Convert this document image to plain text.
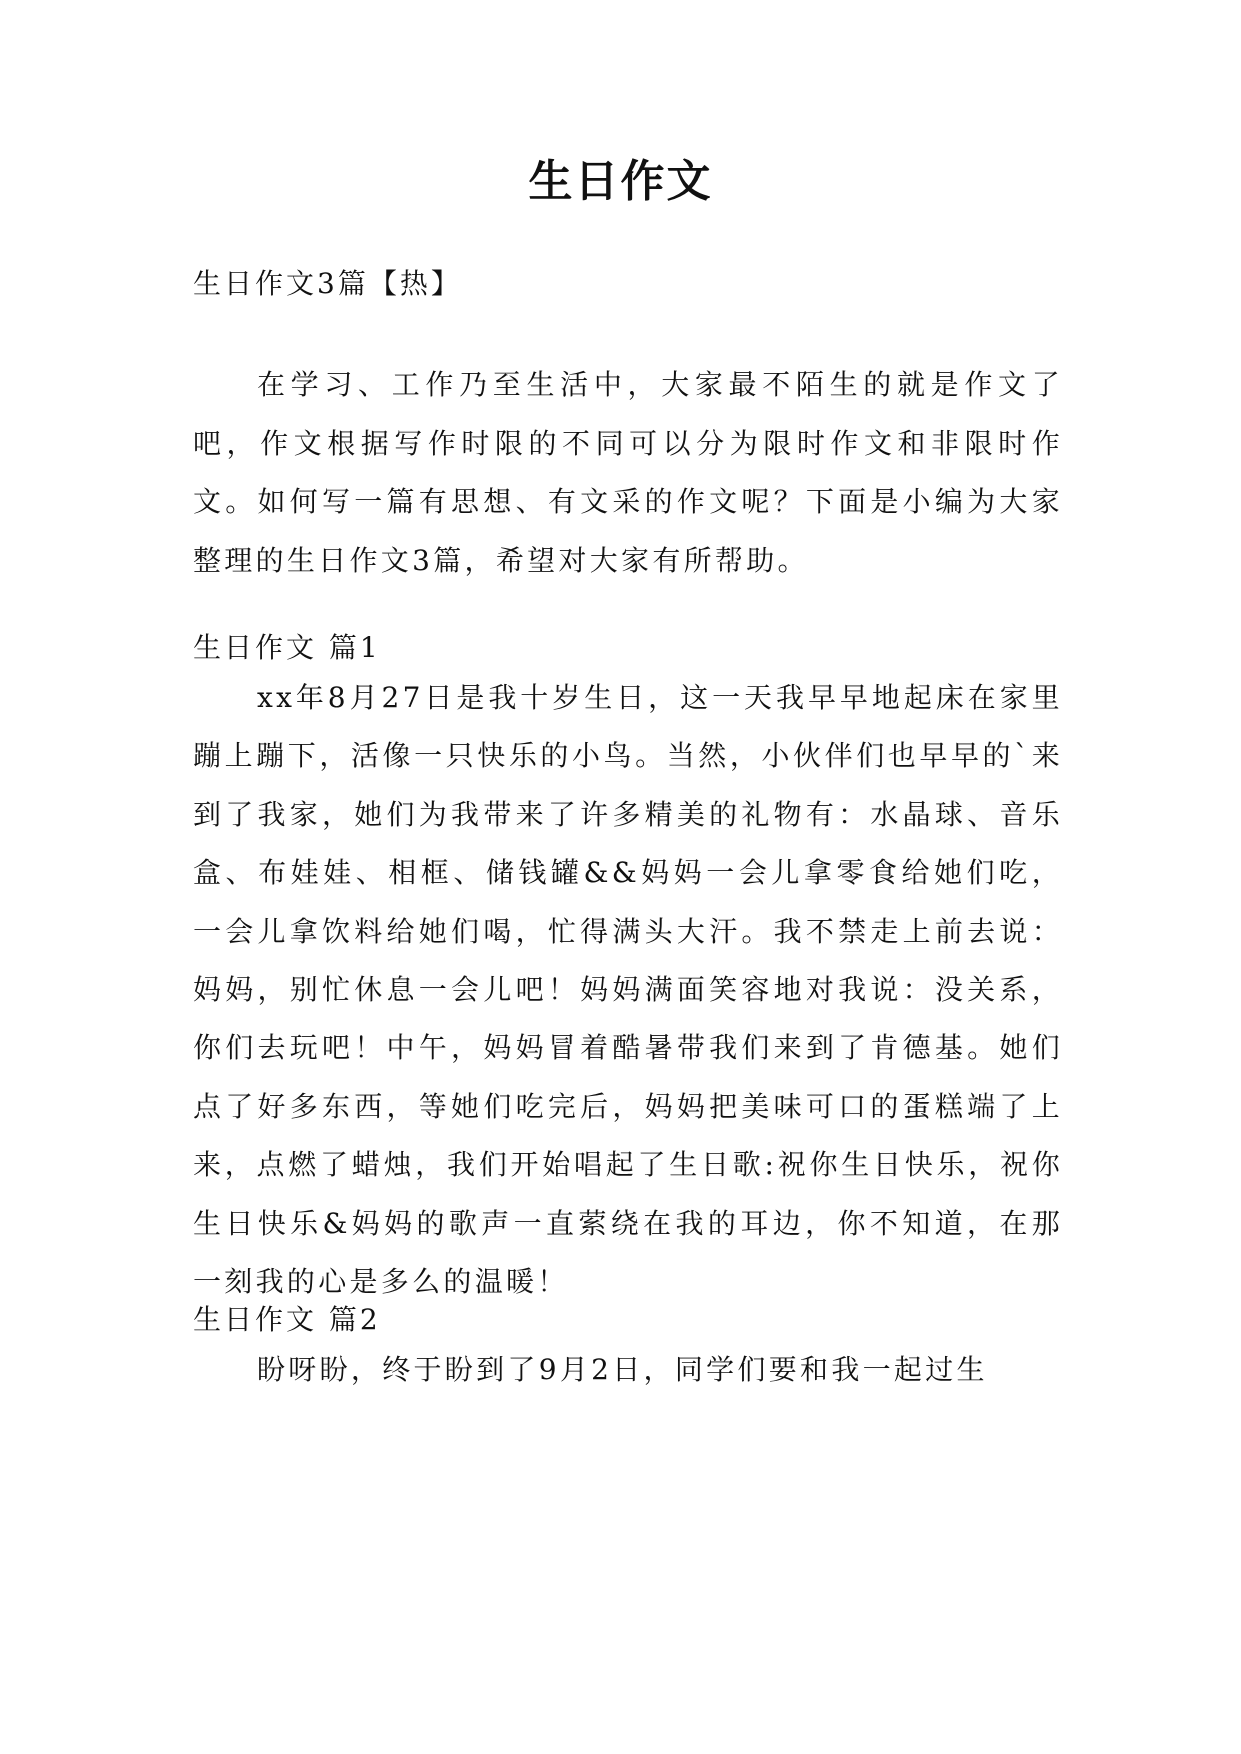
生日作文

生日作文3篇【热】

在学习、工作乃至生活中，大家最不陌生的就是作文了吧，作文根据写作时限的不同可以分为限时作文和非限时作文。如何写一篇有思想、有文采的作文呢？下面是小编为大家整理的生日作文3篇，希望对大家有所帮助。

生日作文 篇1

xx年8月27日是我十岁生日，这一天我早早地起床在家里蹦上蹦下，活像一只快乐的小鸟。当然，小伙伴们也早早的`来到了我家，她们为我带来了许多精美的礼物有：水晶球、音乐盒、布娃娃、相框、储钱罐&&妈妈一会儿拿零食给她们吃，一会儿拿饮料给她们喝，忙得满头大汗。我不禁走上前去说：妈妈，别忙休息一会儿吧！妈妈满面笑容地对我说：没关系，你们去玩吧！中午，妈妈冒着酷暑带我们来到了肯德基。她们点了好多东西，等她们吃完后，妈妈把美味可口的蛋糕端了上来，点燃了蜡烛，我们开始唱起了生日歌:祝你生日快乐，祝你生日快乐&妈妈的歌声一直萦绕在我的耳边，你不知道，在那一刻我的心是多么的温暖！

生日作文 篇2

盼呀盼，终于盼到了9月2日，同学们要和我一起过生
